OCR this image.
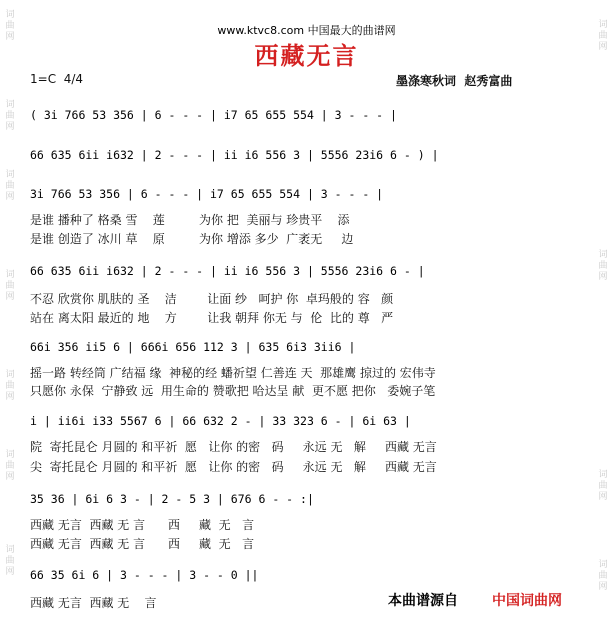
词曲网
词曲网
词曲网
词曲网
词曲网
词曲网
词曲网
词曲网
词曲网
词曲网
词曲网
www.ktvc8.com 中国最大的曲谱网
西藏无言
1=C  4/4	墨涤寒秋词  赵秀富曲
( 3i 766 53 356 | 6 - - - | i7 65 655 554 | 3 - - - |
66 635 6ii i632 | 2 - - - | ii i6 556 3 | 5556 23i6 6 - ) |
3i 766 53 356 | 6 - - - | i7 65 655 554 | 3 - - - |
是谁 播种了 格桑 雪    莲         为你 把  美丽与 珍贵平    添
是谁 创造了 冰川 草    原         为你 增添 多少  广袤无     边
66 635 6ii i632 | 2 - - - | ii i6 556 3 | 5556 23i6 6 - |
不忍 欣赏你 肌肤的 圣    洁        让面 纱   呵护 你  卓玛般的 容   颜
站在 离太阳 最近的 地    方        让我 朝拜 你无 与  伦  比的 尊   严
66i 356 ii5 6 | 666i 656 112 3 | 635 6i3 3ii6 |
摇一路 转经筒 广结福 缘  神秘的经 蟠祈望 仁善连 天  那雄鹰 掠过的 宏伟寺
只愿你 永保  宁静致 远  用生命的 赞歌把 哈达呈 献  更不愿 把你   委婉子笔
i | ii6i i33 5567 6 | 66 632 2 - | 33 323 6 - | 6i 63 |
院  寄托昆仑 月圆的 和平祈  愿   让你 的密   码     永远 无   解     西藏 无言
尖  寄托昆仑 月圆的 和平祈  愿   让你 的密   码     永远 无   解     西藏 无言
35 36 | 6i 6 3 - | 2 - 5 3 | 676 6 - - :|
西藏 无言  西藏 无 言      西     藏  无   言
西藏 无言  西藏 无 言      西     藏  无   言
66 35 6i 6 | 3 - - - | 3 - - 0 ||
西藏 无言  西藏 无    言	本曲谱源自 中国词曲网
